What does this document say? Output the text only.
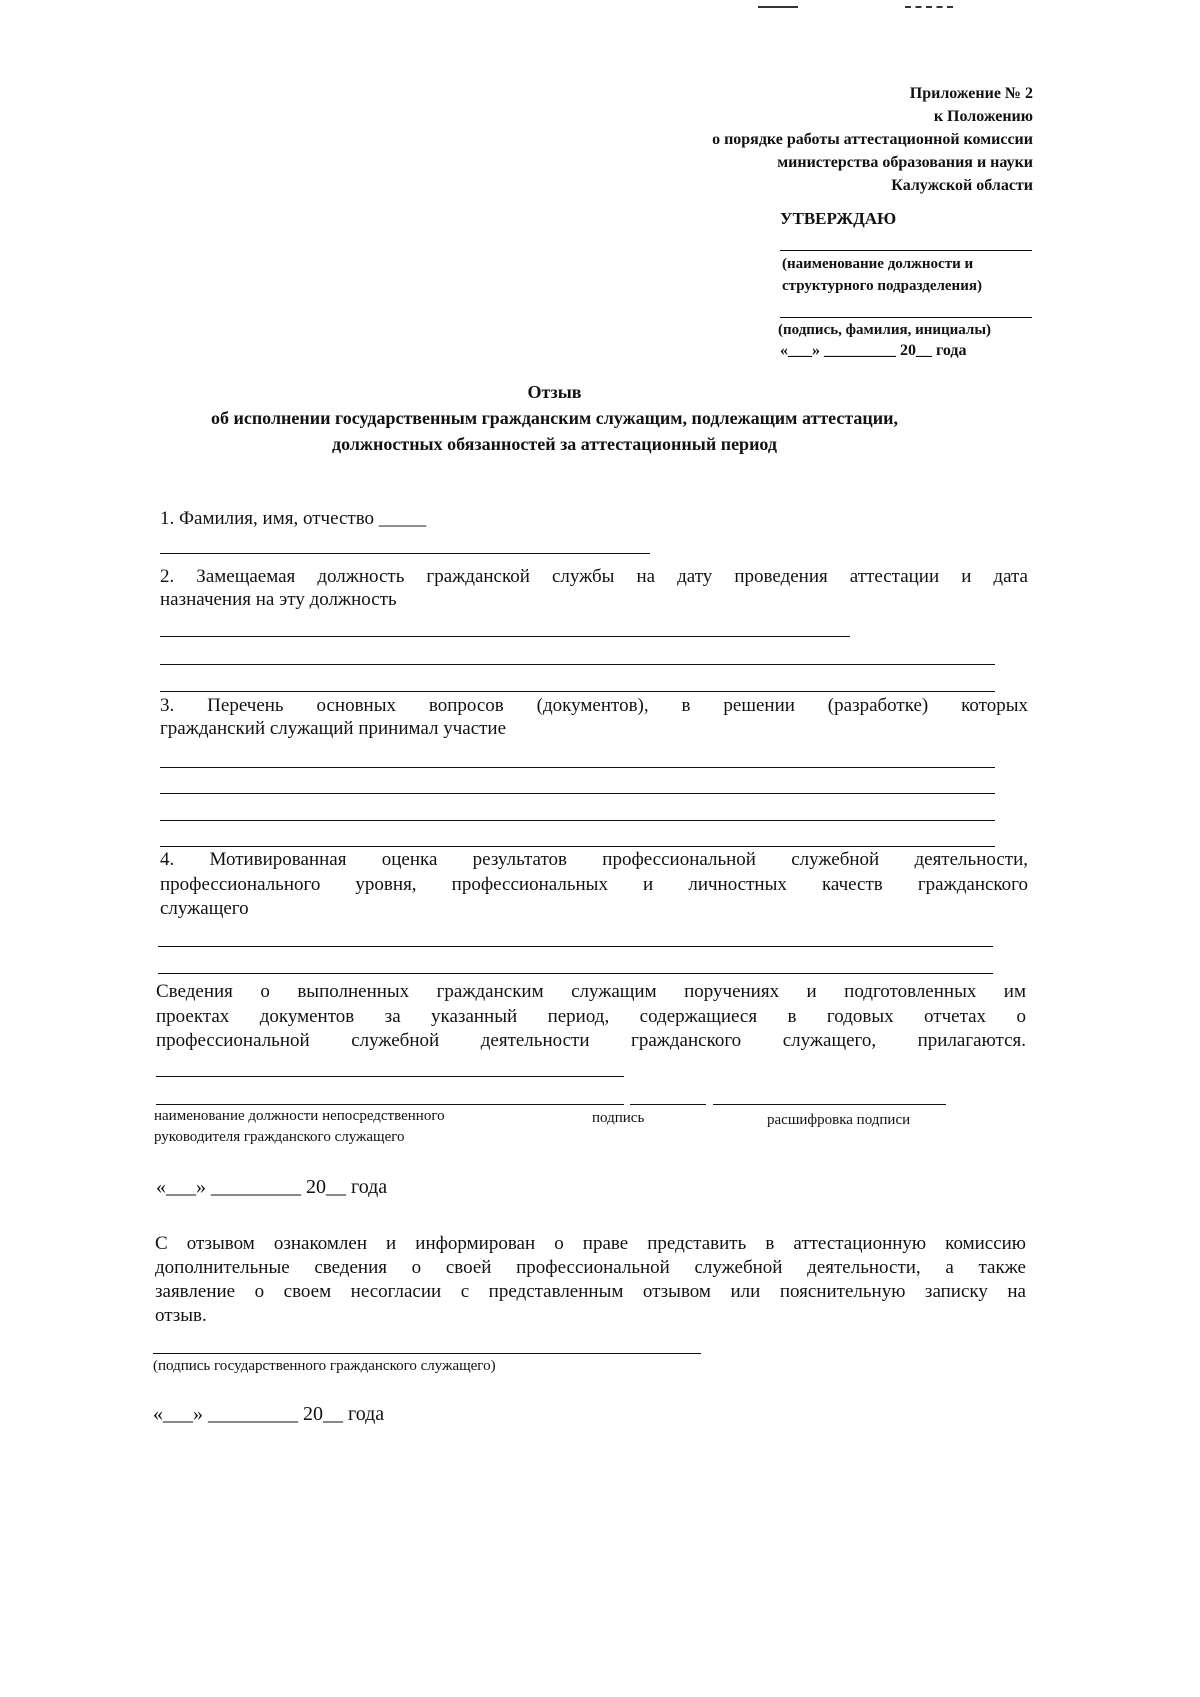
Приложение № 2
к Положению
о порядке работы аттестационной комиссии
министерства образования и науки
Калужской области
УТВЕРЖДАЮ
(наименование должности и
структурного подразделения)
(подпись, фамилия, инициалы)
«___» _________ 20__ года
Отзыв
об исполнении государственным гражданским служащим, подлежащим аттестации,
должностных обязанностей за аттестационный период
1. Фамилия, имя, отчество _____
2. Замещаемая должность гражданской службы на дату проведения аттестации и дата
назначения на эту должность
3. Перечень основных вопросов (документов), в решении (разработке) которых
гражданский служащий принимал участие
4. Мотивированная оценка результатов профессиональной служебной деятельности,
профессионального уровня, профессиональных и личностных качеств гражданского
служащего
Сведения о выполненных гражданским служащим поручениях и подготовленных им
проектах документов за указанный период, содержащиеся в годовых отчетах о
профессиональной служебной деятельности гражданского служащего, прилагаются.
наименование должности непосредственного
руководителя гражданского служащего
подпись	расшифровка подписи
«___» _________ 20__ года
С отзывом ознакомлен и информирован о праве представить в аттестационную комиссию
дополнительные сведения о своей профессиональной служебной деятельности, а также
заявление о своем несогласии с представленным отзывом или пояснительную записку на
отзыв.
(подпись государственного гражданского служащего)
«___» _________ 20__ года
